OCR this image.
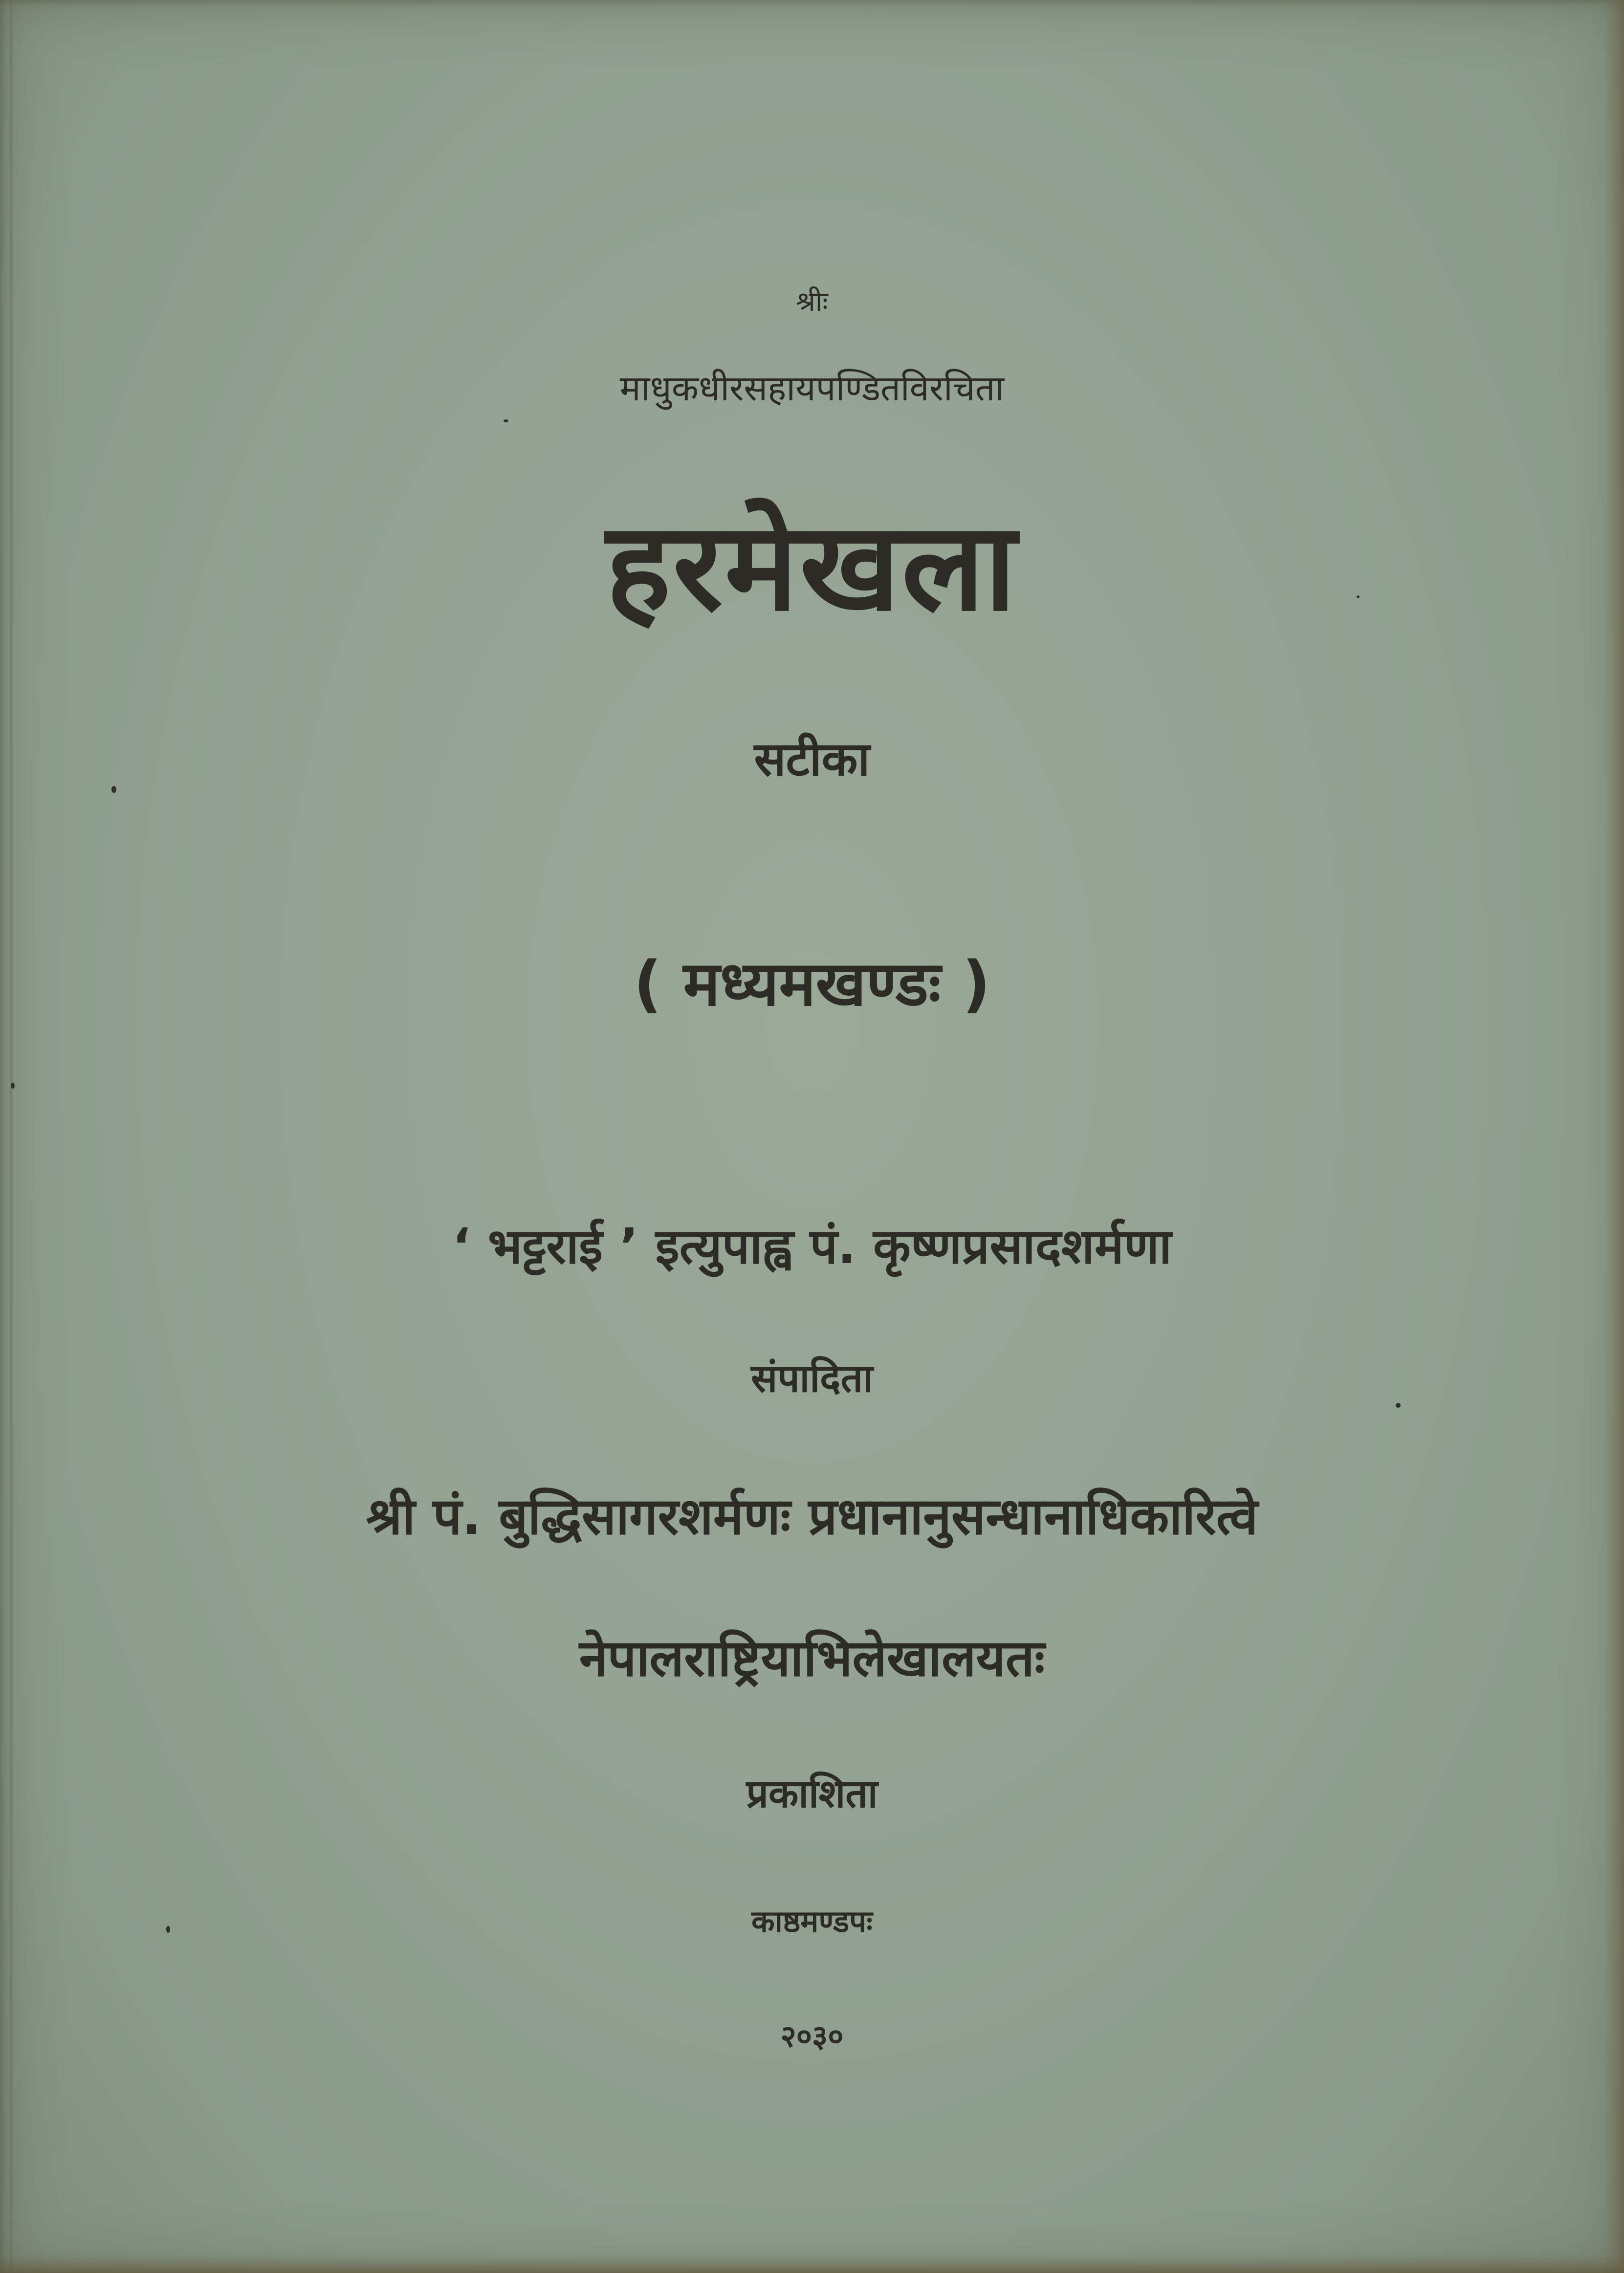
श्रीः
माधुकधीरसहायपण्डितविरचिता
हरमेखला
सटीका
( मध्यमखण्डः )
‘ भट्टराई ’ इत्युपाह्व पं. कृष्णप्रसादशर्मणा
संपादिता
श्री पं. बुद्धिसागरशर्मणः प्रधानानुसन्धानाधिकारित्वे
नेपालराष्ट्रियाभिलेखालयतः
प्रकाशिता
काष्ठमण्डपः
२०३०
